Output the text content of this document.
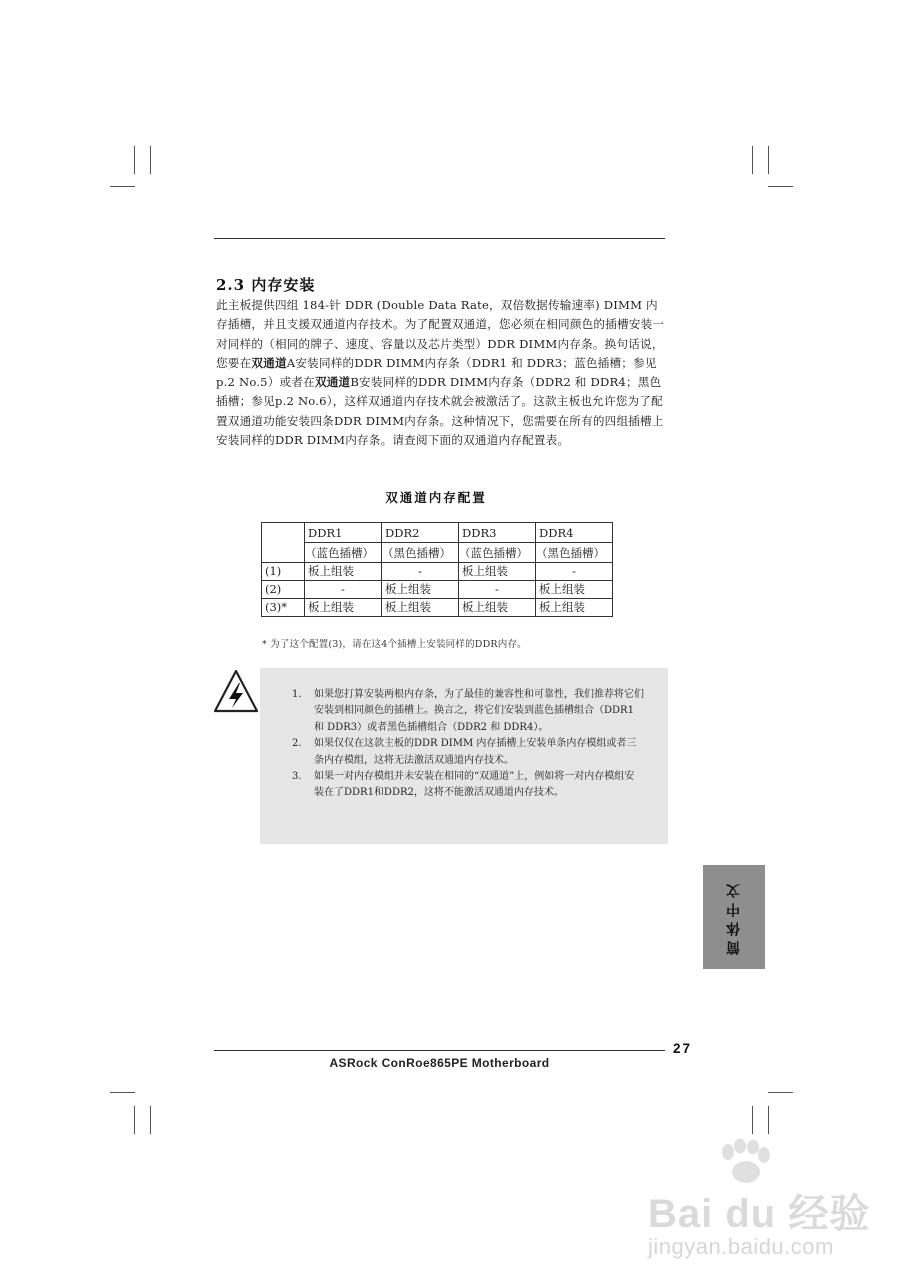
2.3 内存安装

此主板提供四组 184-针 DDR (Double Data Rate，双倍数据传输速率) DIMM 内存插槽，并且支援双通道内存技术。为了配置双通道，您必须在相同颜色的插槽安装一对同样的（相同的牌子、速度、容量以及芯片类型）DDR DIMM内存条。换句话说，您要在双通道A安装同样的DDR DIMM内存条（DDR1 和 DDR3；蓝色插槽；参见p.2 No.5）或者在双通道B安装同样的DDR DIMM内存条（DDR2 和 DDR4；黑色插槽；参见p.2 No.6），这样双通道内存技术就会被激活了。这款主板也允许您为了配置双通道功能安装四条DDR DIMM内存条。这种情况下，您需要在所有的四组插槽上安装同样的DDR DIMM内存条。请查阅下面的双通道内存配置表。

双通道内存配置
	DDR1	DDR2	DDR3	DDR4
	（蓝色插槽）	（黑色插槽）	（蓝色插槽）	（黑色插槽）
(1)	板上组装	-	板上组装	-
(2)	-	板上组装	-	板上组装
(3)*	板上组装	板上组装	板上组装	板上组装
* 为了这个配置(3)，请在这4个插槽上安装同样的DDR内存。
1. 如果您打算安装两根内存条，为了最佳的兼容性和可靠性，我们推荐将它们安装到相同颜色的插槽上。换言之，将它们安装到蓝色插槽组合（DDR1 和 DDR3）或者黑色插槽组合（DDR2 和 DDR4）。
2. 如果仅仅在这款主板的DDR DIMM 内存插槽上安装单条内存模组或者三条内存模组，这将无法激活双通道内存技术。
3. 如果一对内存模组并未安装在相同的“双通道”上，例如将一对内存模组安装在了DDR1和DDR2，这将不能激活双通道内存技术。
简体中文
27
ASRock ConRoe865PE Motherboard
Bai du 经验
jingyan.baidu.com
